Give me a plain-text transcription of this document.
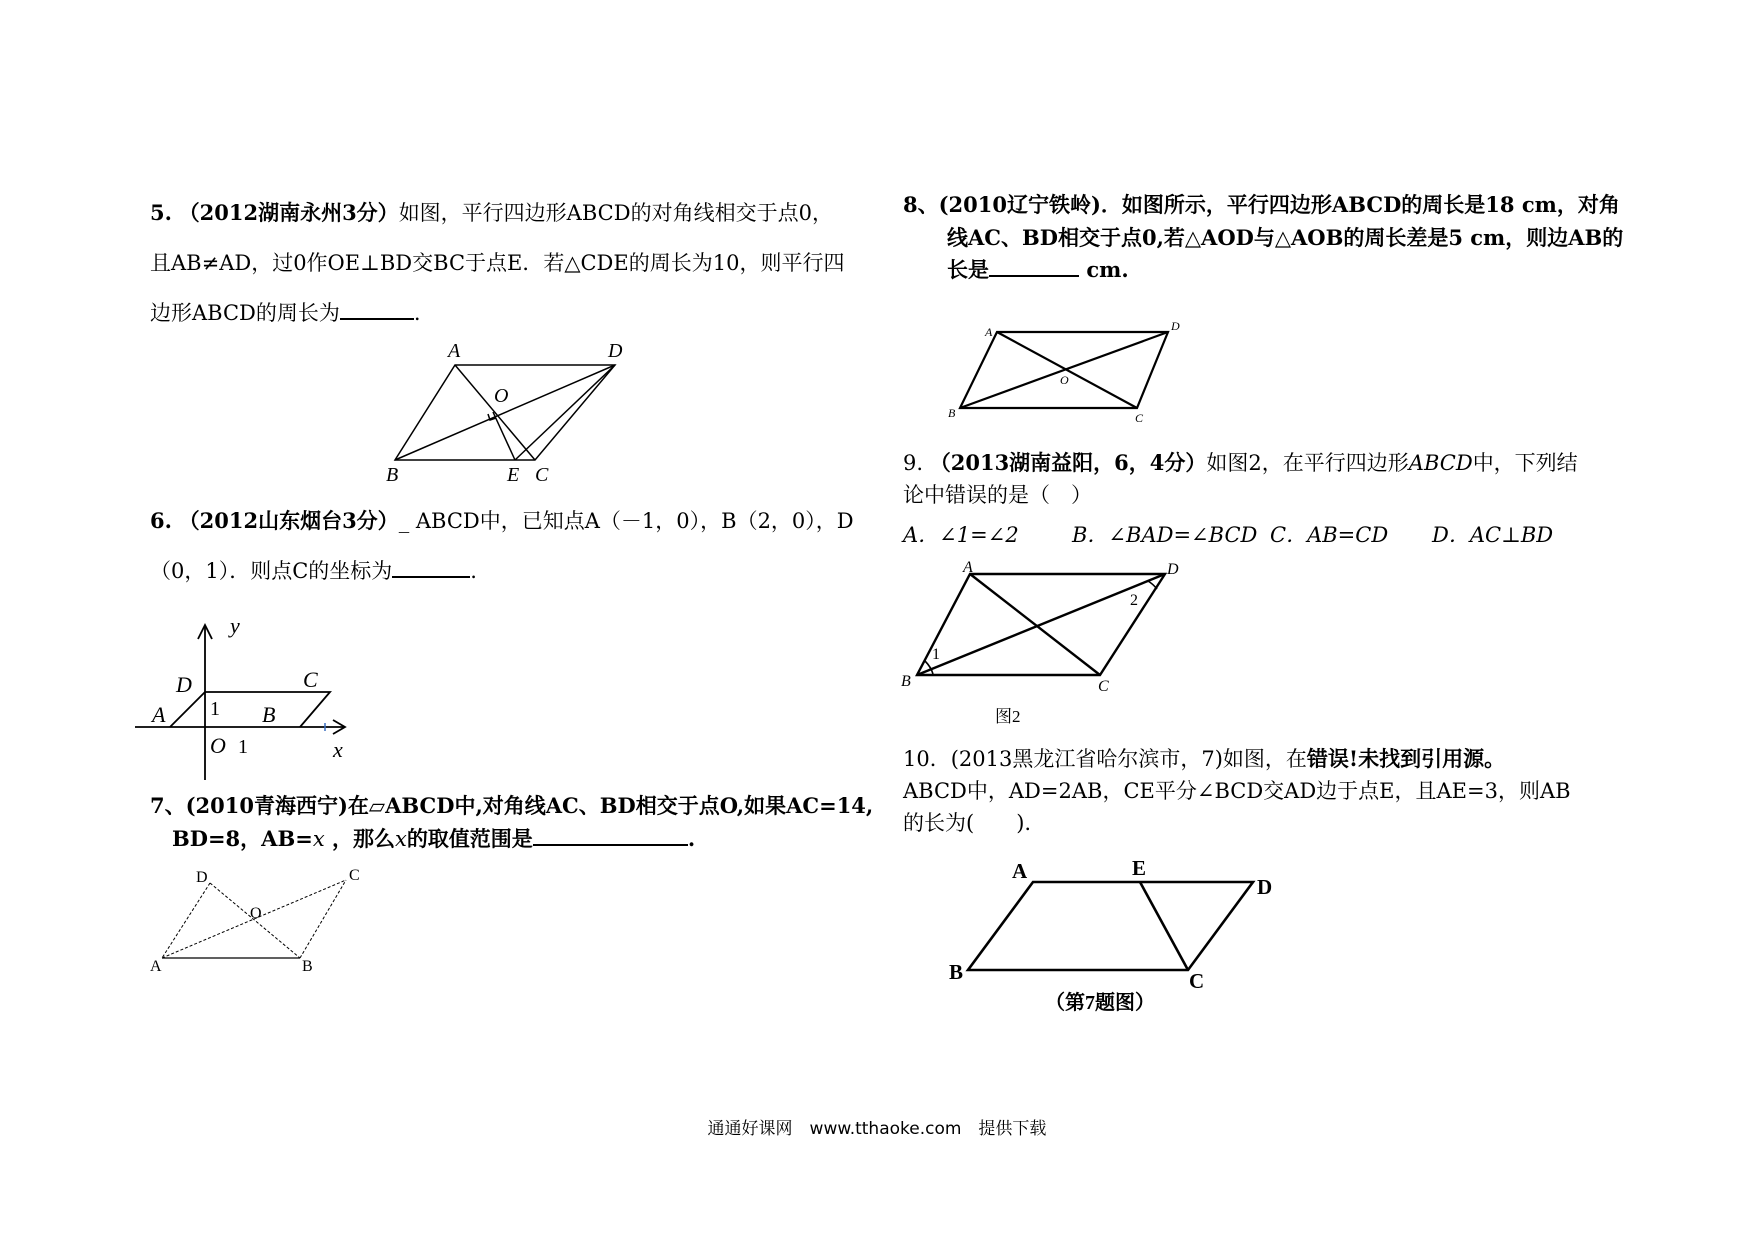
5. （2012湖南永州3分）如图，平行四边形ABCD的对角线相交于点0，
且AB≠AD，过0作OE⊥BD交BC于点E．若△CDE的周长为10，则平行四
边形ABCD的周长为	.
A	D
O
B	E C
6. （2012山东烟台3分）_ ABCD中，已知点A（－1，0），B（2，0），D
（0，1）．则点C的坐标为	.
y
x
D	C
A	B
O
1
1
7、(2010青海西宁)在▱ABCD中,对角线AC、BD相交于点O,如果AC=14,
BD=8，AB=x ，那么x的取值范围是	.
D	C
O
A	B
8、(2010辽宁铁岭)．如图所示，平行四边形ABCD的周长是18 cm，对角
线AC、BD相交于点0,若△AOD与△AOB的周长差是5 cm，则边AB的
长是	cm.
A	D
O
B	C
9. （2013湖南益阳，6，4分）如图2，在平行四边形ABCD中，下列结
论中错误的是（　）
A．∠1=∠2	B．∠BAD=∠BCD C．AB=CD D．AC⊥BD
A	D
B	C
1
2
图2
10．(2013黑龙江省哈尔滨市，7)如图，在错误!未找到引用源。
ABCD中，AD=2AB，CE平分∠BCD交AD边于点E，且AE=3，则AB
的长为(　　).
A	E
D
B	C
（第7题图）
通通好课网　www.tthaoke.com　提供下载
